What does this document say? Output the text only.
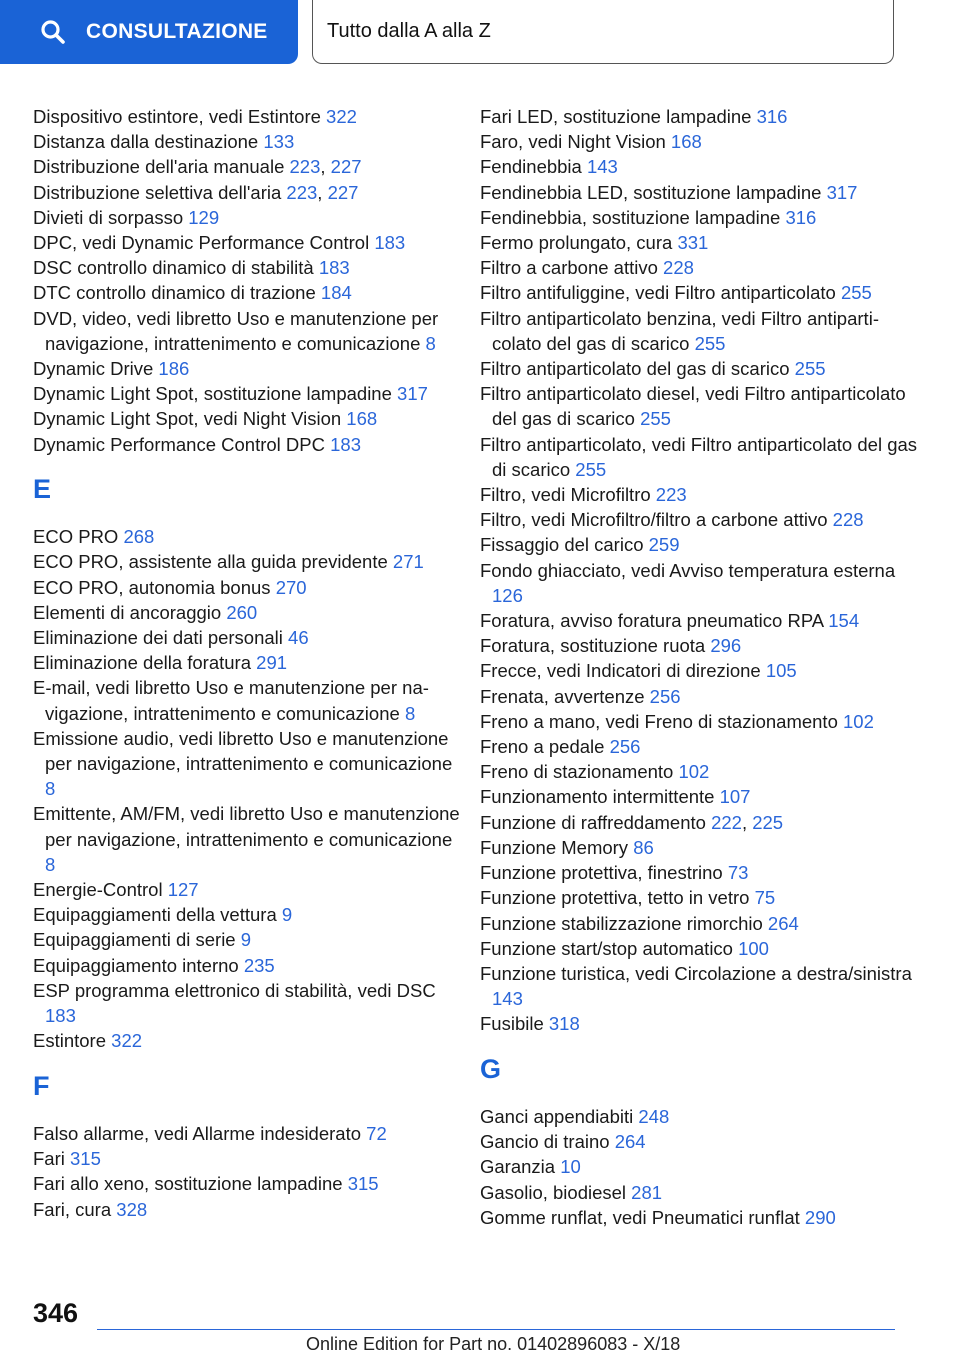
CONSULTAZIONE	Tutto dalla A alla Z

Dispositivo estintore, vedi Estintore 322

Distanza dalla destinazione 133

Distribuzione dell'aria manuale 223, 227

Distribuzione selettiva dell'aria 223, 227

Divieti di sorpasso 129

DPC, vedi Dynamic Performance Control 183

DSC controllo dinamico di stabilità 183

DTC controllo dinamico di trazione 184

DVD, video, vedi libretto Uso e manutenzione per navigazione, intrattenimento e comunicazione 8

Dynamic Drive 186

Dynamic Light Spot, sostituzione lampadine 317

Dynamic Light Spot, vedi Night Vision 168

Dynamic Performance Control DPC 183

E

ECO PRO 268

ECO PRO, assistente alla guida previdente 271

ECO PRO, autonomia bonus 270

Elementi di ancoraggio 260

Eliminazione dei dati personali 46

Eliminazione della foratura 291

E-mail, vedi libretto Uso e manutenzione per navigazione, intrattenimento e comunicazione 8

Emissione audio, vedi libretto Uso e manutenzione per navigazione, intrattenimento e comunicazione 8

Emittente, AM/FM, vedi libretto Uso e manutenzione per navigazione, intrattenimento e comunicazione 8

Energie-Control 127

Equipaggiamenti della vettura 9

Equipaggiamenti di serie 9

Equipaggiamento interno 235

ESP programma elettronico di stabilità, vedi DSC 183

Estintore 322

F

Falso allarme, vedi Allarme indesiderato 72

Fari 315

Fari allo xeno, sostituzione lampadine 315

Fari, cura 328

Fari LED, sostituzione lampadine 316

Faro, vedi Night Vision 168

Fendinebbia 143

Fendinebbia LED, sostituzione lampadine 317

Fendinebbia, sostituzione lampadine 316

Fermo prolungato, cura 331

Filtro a carbone attivo 228

Filtro antifuliggine, vedi Filtro antiparticolato 255

Filtro antiparticolato benzina, vedi Filtro antiparticolato del gas di scarico 255

Filtro antiparticolato del gas di scarico 255

Filtro antiparticolato diesel, vedi Filtro antiparticolato del gas di scarico 255

Filtro antiparticolato, vedi Filtro antiparticolato del gas di scarico 255

Filtro, vedi Microfiltro 223

Filtro, vedi Microfiltro/filtro a carbone attivo 228

Fissaggio del carico 259

Fondo ghiacciato, vedi Avviso temperatura esterna 126

Foratura, avviso foratura pneumatico RPA 154

Foratura, sostituzione ruota 296

Frecce, vedi Indicatori di direzione 105

Frenata, avvertenze 256

Freno a mano, vedi Freno di stazionamento 102

Freno a pedale 256

Freno di stazionamento 102

Funzionamento intermittente 107

Funzione di raffreddamento 222, 225

Funzione Memory 86

Funzione protettiva, finestrino 73

Funzione protettiva, tetto in vetro 75

Funzione stabilizzazione rimorchio 264

Funzione start/stop automatico 100

Funzione turistica, vedi Circolazione a destra/sinistra 143

Fusibile 318

G

Ganci appendiabiti 248

Gancio di traino 264

Garanzia 10

Gasolio, biodiesel 281

Gomme runflat, vedi Pneumatici runflat 290

346
Online Edition for Part no. 01402896083 - X/18
